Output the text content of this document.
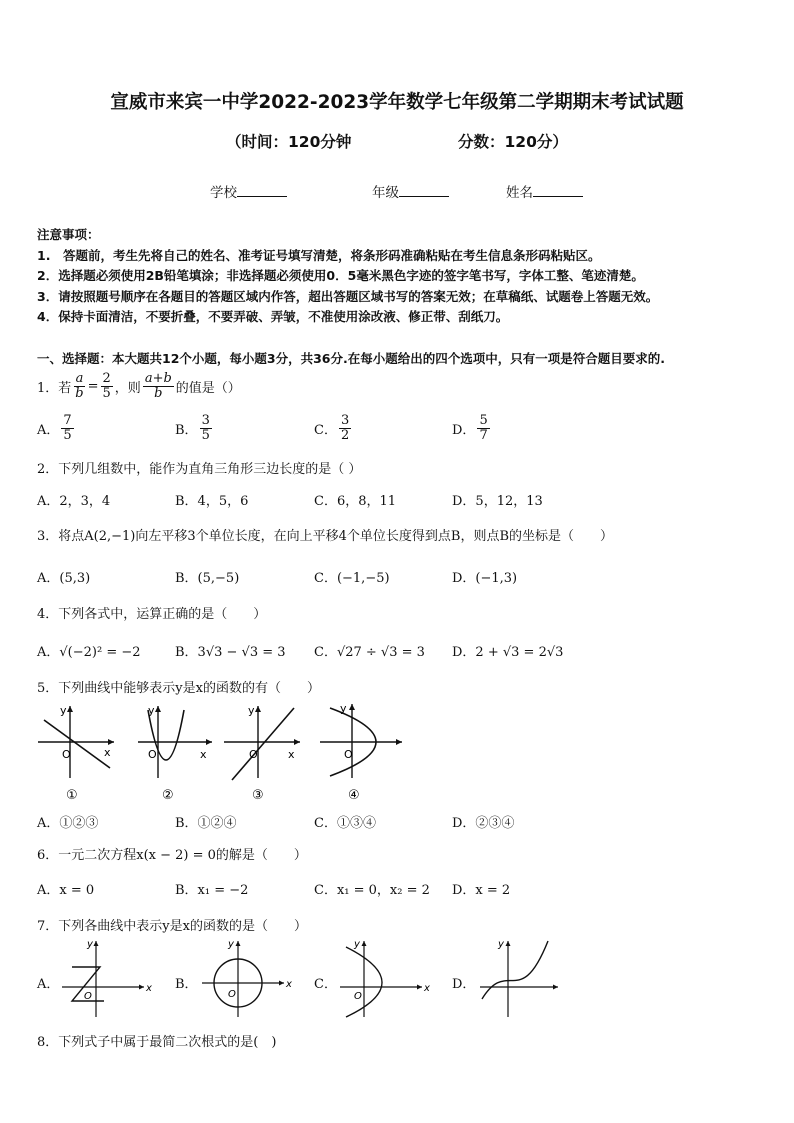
宣威市来宾一中学2022-2023学年数学七年级第二学期期末考试试题
（时间：120分钟	分数：120分）
学校	年级	姓名
注意事项：
1.　答题前，考生先将自己的姓名、准考证号填写清楚，将条形码准确粘贴在考生信息条形码粘贴区。
2．选择题必须使用2B铅笔填涂；非选择题必须使用0．5毫米黑色字迹的签字笔书写，字体工整、笔迹清楚。
3．请按照题号顺序在各题目的答题区域内作答，超出答题区域书写的答案无效；在草稿纸、试题卷上答题无效。
4．保持卡面清洁，不要折叠，不要弄破、弄皱，不准使用涂改液、修正带、刮纸刀。
一、选择题：本大题共12个小题，每小题3分，共36分.在每小题给出的四个选项中，只有一项是符合题目要求的.
1．若 $\frac{a}{b} = \frac{2}{5}$ ，则 $\frac{a+b}{b}$ 的值是（）
A． $\frac{7}{5}$	B． $\frac{3}{5}$	C． $\frac{3}{2}$	D． $\frac{5}{7}$
2．下列几组数中，能作为直角三角形三边长度的是（ ）
A．2，3，4	B．4，5，6	C．6，8，11	D．5，12，13
3．将点A(2,−1)向左平移3个单位长度，在向上平移4个单位长度得到点B，则点B的坐标是（　　）
A．(5,3)	B．(5,−5)	C．(−1,−5)	D．(−1,3)
4．下列各式中，运算正确的是（　　）
A．√(−2)² = −2	B．3√3 − √3 = 3 C．√27 ÷ √3 = 3 D．2 + √3 = 2√3
5．下列曲线中能够表示y是x的函数的有（　　）
y
x
O
①
y
x
O
②
y
x
O
③
y
O
④
A．①②③	B．①②④	C．①③④	D．②③④
6．一元二次方程x(x − 2) = 0的解是（　　）
A．x = 0	B．x₁ = −2	C．x₁ = 0，x₂ = 2 D．x = 2
7．下列各曲线中表示y是x的函数的是（　　）
A．	B．	C．	D．
y
x
O
y
x
O
y
x
O
y
8．下列式子中属于最简二次根式的是(　)
